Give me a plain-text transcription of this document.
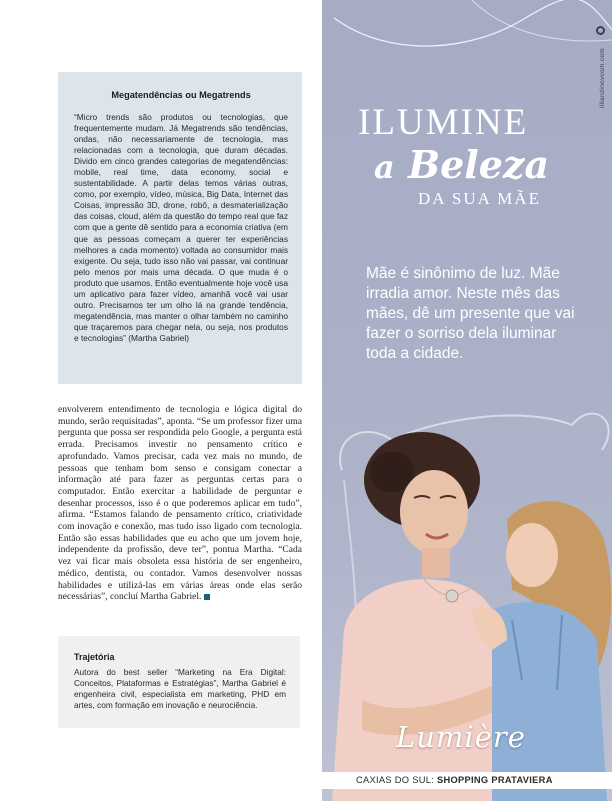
Megatendências ou Megatrends

“Micro trends são produtos ou tecnologias, que frequentemente mudam. Já Megatrends são tendências, ondas, não necessariamente de tecnologia, mas relacionadas com a tecnologia, que duram décadas. Divido em cinco grandes categorias de megatendências: mobile, real time, data economy, social e sustentabilidade. A partir delas temos várias outras, como, por exemplo, vídeo, música, Big Data, Internet das Coisas, impressão 3D, drone, robô, a desmaterialização das coisas, cloud, além da questão do tempo real que faz com que a gente dê sentido para a economia criativa (em que as pessoas começam a querer ter experiências melhores a cada momento) voltada ao consumidor mais exigente. Ou seja, tudo isso não vai passar, vai continuar pelo menos por mais uma década. O que muda é o produto que usamos. Então eventualmente hoje você usa um aplicativo para fazer vídeo, amanhã você vai usar outro. Precisamos ter um olho lá na grande tendência, megatendência, mas manter o olhar também no caminho que traçaremos para chegar nela, ou seja, nos produtos e tecnologias” (Martha Gabriel)

envolverem entendimento de tecnologia e lógica digital do mundo, serão requisitadas”, aponta. “Se um professor fizer uma pergunta que possa ser respondida pelo Google, a pergunta está errada. Precisamos investir no pensamento crítico e aprofundado. Vamos precisar, cada vez mais no mundo, de pessoas que tenham bom senso e consigam conectar a informação até para fazer as perguntas certas para o computador. Então exercitar a habilidade de perguntar e desenhar processos, isso é o que poderemos aplicar em tudo”, afirma. “Estamos falando de pensamento crítico, criatividade com inovação e conexão, mas tudo isso ligado com tecnologia. Então são essas habilidades que eu acho que um jovem hoje, independente da profissão, deve ter”, pontua Martha. “Cada vez vai ficar mais obsoleta essa história de ser engenheiro, médico, dentista, ou contador. Vamos desenvolver nossas habilidades e utilizá-las em várias áreas onde elas serão necessárias”, concluí Martha Gabriel.

Trajetória

Autora do best seller “Marketing na Era Digital: Conceitos, Plataformas e Estratégias”, Martha Gabriel é engenheira civil, especialista em marketing, PHD em artes, com formação em inovação e neurociência.

lilianzinovcom.com
ILUMINE
a Beleza
DA SUA MÃE
Mãe é sinônimo de luz. Mãe irradia amor. Neste mês das mães, dê um presente que vai fazer o sorriso dela iluminar toda a cidade.
Lumière
CAXIAS DO SUL: SHOPPING PRATAVIERA
